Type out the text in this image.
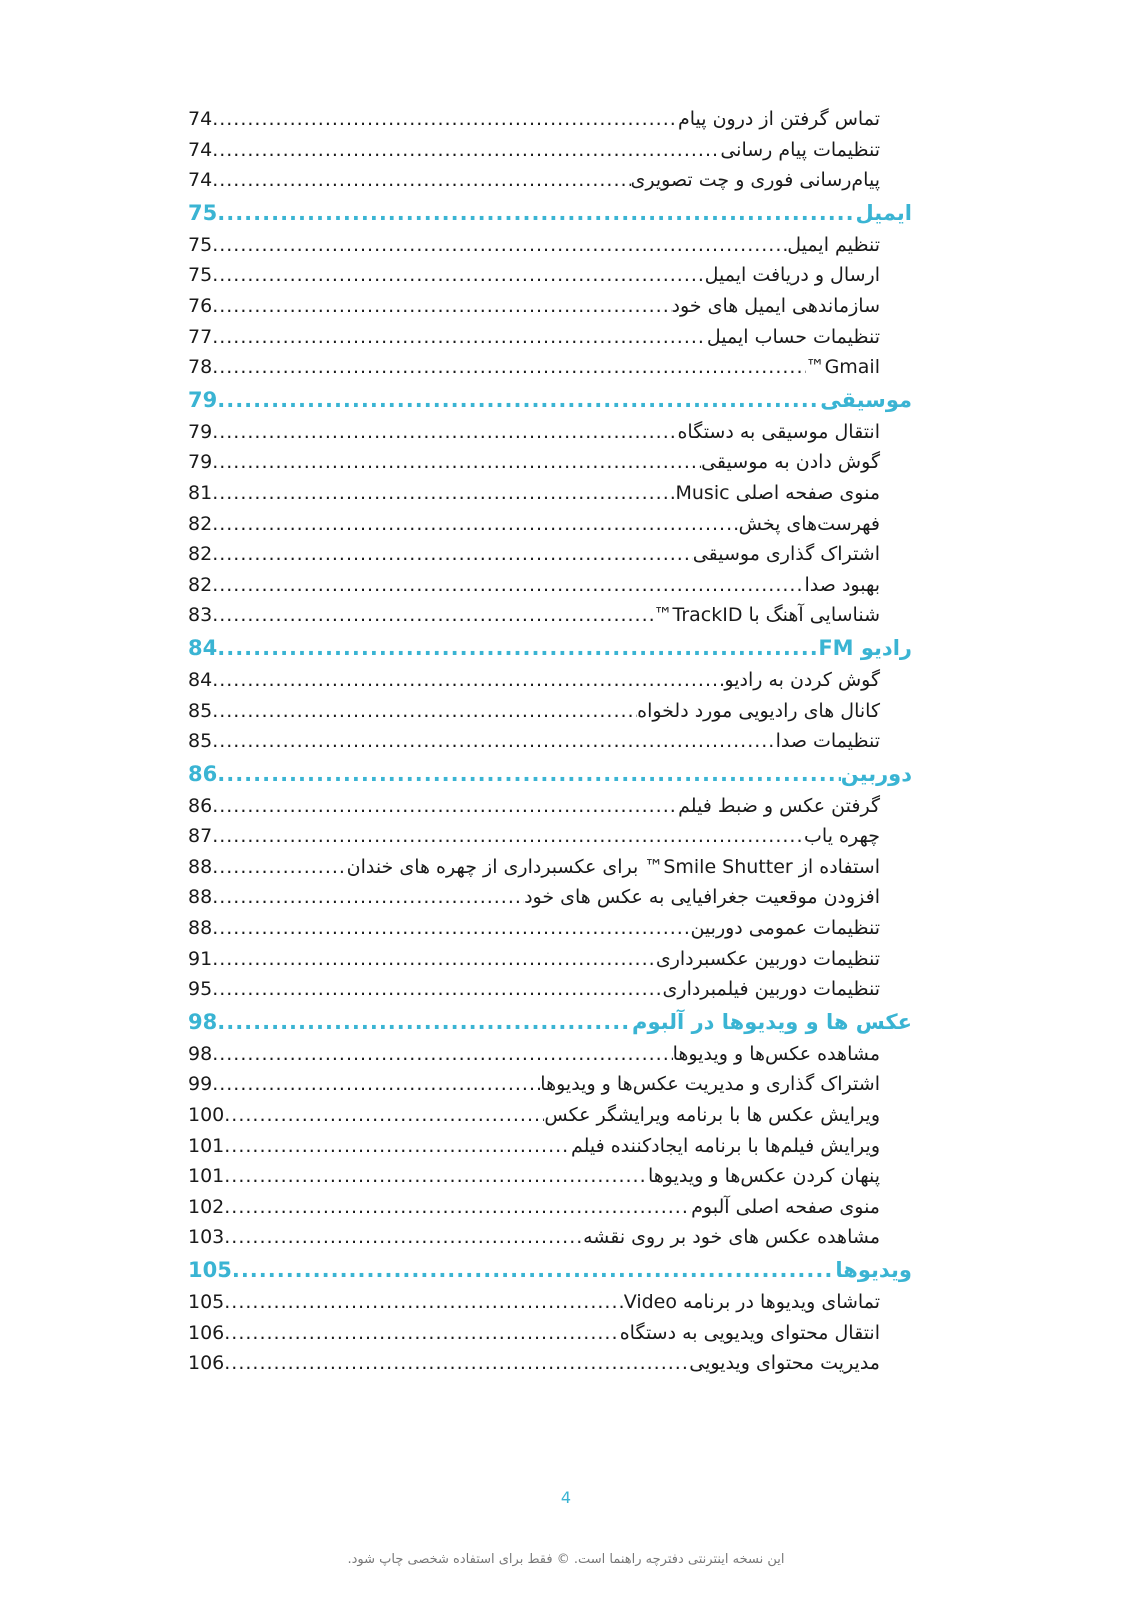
تماس گرفتن از درون پیام
.....
74
تنظیمات پیام رسانی
.....
74
پیام‌رسانی فوری و چت تصویری
.....
74
ایمیل
.....
75
تنظیم ایمیل
.....
75
ارسال و دریافت ایمیل
.....
75
سازماندهی ایمیل های خود
.....
76
تنظیمات حساب ایمیل
.....
77
Gmail™
.....
78
موسیقی
.....
79
انتقال موسیقی به دستگاه
.....
79
گوش دادن به موسیقی
.....
79
منوی صفحه اصلی Music
.....
81
فهرست‌های پخش
.....
82
اشتراک گذاری موسیقی
.....
82
بهبود صدا
.....
82
شناسایی آهنگ با TrackID™
.....
83
رادیو FM
.....
84
گوش کردن به رادیو
.....
84
کانال های رادیویی مورد دلخواه
.....
85
تنظیمات صدا
.....
85
دوربین
.....
86
گرفتن عکس و ضبط فیلم
.....
86
چهره یاب
.....
87
استفاده از Smile Shutter™ برای عکسبرداری از چهره های خندان
.....
88
افزودن موقعیت جغرافیایی به عکس های خود
.....
88
تنظیمات عمومی دوربین
.....
88
تنظیمات دوربین عکسبرداری
.....
91
تنظیمات دوربین فیلمبرداری
.....
95
عکس ها و ویدیوها در آلبوم
.....
98
مشاهده عکس‌ها و ویدیوها
.....
98
اشتراک گذاری و مدیریت عکس‌ها و ویدیوها
.....
99
ویرایش عکس ها با برنامه ویرایشگر عکس
.....
100
ویرایش فیلم‌ها با برنامه ایجادکننده فیلم
.....
101
پنهان کردن عکس‌ها و ویدیوها
.....
101
منوی صفحه اصلی آلبوم
.....
102
مشاهده عکس های خود بر روی نقشه
.....
103
ویدیوها
.....
105
تماشای ویدیوها در برنامه Video
.....
105
انتقال محتوای ویدیویی به دستگاه
.....
106
مدیریت محتوای ویدیویی
.....
106
4
این نسخه اینترنتی دفترچه راهنما است. © فقط برای استفاده شخصی چاپ شود.
